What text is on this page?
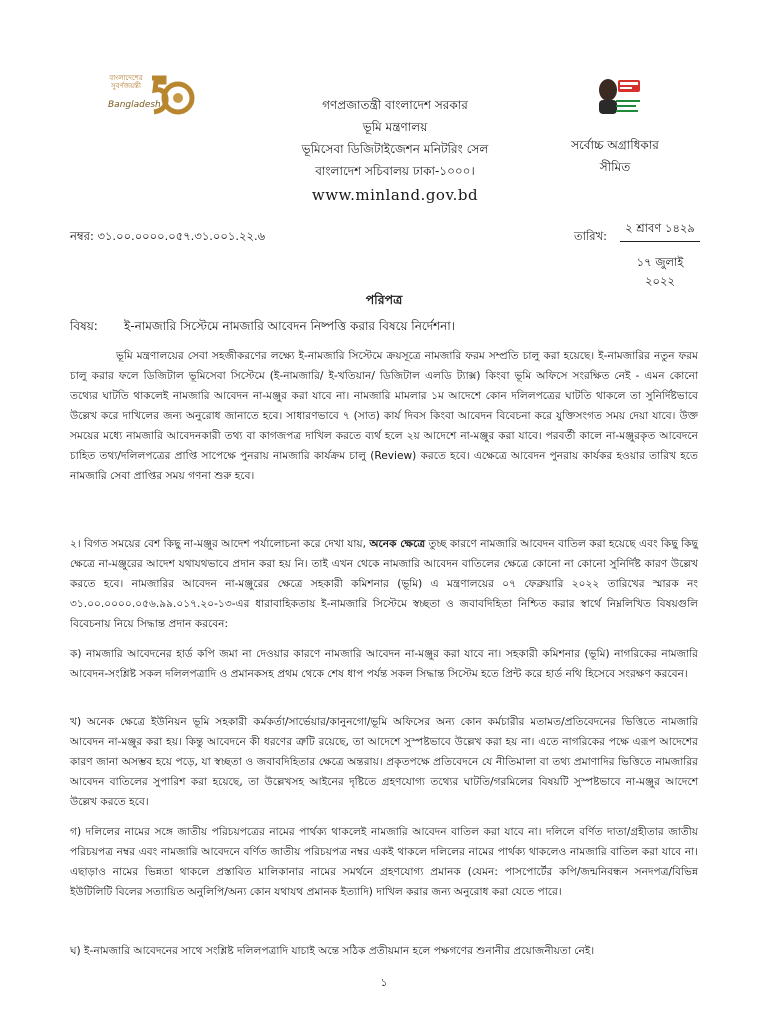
বাংলাদেশের সুবর্ণজয়ন্তী
Bangladesh	গণপ্রজাতন্ত্রী বাংলাদেশ সরকার
ভূমি মন্ত্রণালয়
ভূমিসেবা ডিজিটাইজেশন মনিটরিং সেল
বাংলাদেশ সচিবালয় ঢাকা-১০০০।
www.minland.gov.bd
সর্বোচ্চ অগ্রাধিকার
সীমিত
নম্বর: ৩১.০০.০০০০.০৫৭.৩১.০০১.২২.৬	তারিখ:
২ শ্রাবণ ১৪২৯
১৭ জুলাই ২০২২
পরিপত্র
বিষয়: ই-নামজারি সিস্টেমে নামজারি আবেদন নিষ্পত্তি করার বিষয়ে নির্দেশনা।

ভূমি মন্ত্রণালয়ের সেবা সহজীকরণের লক্ষ্যে ই-নামজারি সিস্টেমে ক্রয়সূত্রে নামজারি ফরম সম্প্রতি চালু করা হয়েছে। ই-নামজারির নতুন ফরম চালু করার ফলে ডিজিটাল ভূমিসেবা সিস্টেমে (ই-নামজারি/ ই-খতিয়ান/ ডিজিটাল এলডি ট্যাক্স) কিংবা ভূমি অফিসে সংরক্ষিত নেই - এমন কোনো তথ্যের ঘাটতি থাকলেই নামজারি আবেদন না-মঞ্জুর করা যাবে না। নামজারি মামলার ১ম আদেশে কোন দলিলপত্রের ঘাটতি থাকলে তা সুনির্দিষ্টভাবে উল্লেখ করে দাখিলের জন্য অনুরোধ জানাতে হবে। সাধারণভাবে ৭ (সাত) কার্য দিবস কিংবা আবেদন বিবেচনা করে যুক্তিসংগত সময় দেয়া যাবে। উক্ত সময়ের মধ্যে নামজারি আবেদনকারী তথ্য বা কাগজপত্র দাখিল করতে ব্যর্থ হলে ২য় আদেশে না-মঞ্জুর করা যাবে। পরবর্তী কালে না-মঞ্জুরকৃত আবেদনে চাহিত তথ্য/দলিলপত্রের প্রাপ্তি সাপেক্ষে পুনরায় নামজারি কার্যক্রম চালু (Review) করতে হবে। এক্ষেত্রে আবেদন পুনরায় কার্যকর হওয়ার তারিখ হতে নামজারি সেবা প্রাপ্তির সময় গণনা শুরু হবে।

২। বিগত সময়ের বেশ কিছু না-মঞ্জুর আদেশ পর্যালোচনা করে দেখা যায়, অনেক ক্ষেত্রে তুচ্ছ কারণে নামজারি আবেদন বাতিল করা হয়েছে এবং কিছু কিছু ক্ষেত্রে না-মঞ্জুরের আদেশ যথাযথভাবে প্রদান করা হয় নি। তাই এখন থেকে নামজারি আবেদন বাতিলের ক্ষেত্রে কোনো না কোনো সুনির্দিষ্ট কারণ উল্লেখ করতে হবে। নামজারির আবেদন না-মঞ্জুরের ক্ষেত্রে সহকারী কমিশনার (ভূমি) এ মন্ত্রণালয়ের ০৭ ফেব্রুয়ারি ২০২২ তারিখের স্মারক নং ৩১.০০.০০০০.০৫৬.৯৯.০১৭.২০-১৩-এর ধারাবাহিকতায় ই-নামজারি সিস্টেমে স্বচ্ছতা ও জবাবদিহিতা নিশ্চিত করার স্বার্থে নিম্নলিখিত বিষয়গুলি বিবেচনায় নিয়ে সিদ্ধান্ত প্রদান করবেন:

ক) নামজারি আবেদনের হার্ড কপি জমা না দেওয়ার কারণে নামজারি আবেদন না-মঞ্জুর করা যাবে না। সহকারী কমিশনার (ভূমি) নাগরিকের নামজারি আবেদন-সংশ্লিষ্ট সকল দলিলপত্রাদি ও প্রমানকসহ প্রথম থেকে শেষ ধাপ পর্যন্ত সকল সিদ্ধান্ত সিস্টেম হতে প্রিন্ট করে হার্ড নথি হিসেবে সংরক্ষণ করবেন।

খ) অনেক ক্ষেত্রে ইউনিয়ন ভূমি সহকারী কর্মকর্তা/সার্ভেয়ার/কানুনগো/ভূমি অফিসের অন্য কোন কর্মচারীর মতামত/প্রতিবেদনের ভিত্তিতে নামজারি আবেদন না-মঞ্জুর করা হয়। কিন্তু আবেদনে কী ধরণের ত্রুটি রয়েছে, তা আদেশে সুস্পষ্টভাবে উল্লেখ করা হয় না। এতে নাগরিকের পক্ষে এরূপ আদেশের কারণ জানা অসম্ভব হয়ে পড়ে, যা স্বচ্ছতা ও জবাবদিহিতার ক্ষেত্রে অন্তরায়। প্রকৃতপক্ষে প্রতিবেদনে যে নীতিমালা বা তথ্য প্রমাণাদির ভিত্তিতে নামজারির আবেদন বাতিলের সুপারিশ করা হয়েছে, তা উল্লেখসহ আইনের দৃষ্টিতে গ্রহণযোগ্য তথ্যের ঘাটতি/গরমিলের বিষয়টি সুস্পষ্টভাবে না-মঞ্জুর আদেশে উল্লেখ করতে হবে।

গ) দলিলের নামের সঙ্গে জাতীয় পরিচয়পত্রের নামের পার্থক্য থাকলেই নামজারি আবেদন বাতিল করা যাবে না। দলিলে বর্ণিত দাতা/গ্রহীতার জাতীয় পরিচয়পত্র নম্বর এবং নামজারি আবেদনে বর্ণিত জাতীয় পরিচয়পত্র নম্বর একই থাকলে দলিলের নামের পার্থক্য থাকলেও নামজারি বাতিল করা যাবে না। এছাড়াও নামের ভিন্নতা থাকলে প্রস্তাবিত মালিকানার নামের সমর্থনে গ্রহণযোগ্য প্রমানক (যেমন: পাসপোর্টের কপি/জন্মনিবন্ধন সনদপত্র/বিভিন্ন ইউটিলিটি বিলের সত্যায়িত অনুলিপি/অন্য কোন যথাযথ প্রমানক ইত্যাদি) দাখিল করার জন্য অনুরোধ করা যেতে পারে।

ঘ) ই-নামজারি আবেদনের সাথে সংশ্লিষ্ট দলিলপত্রাদি যাচাই অন্তে সঠিক প্রতীয়মান হলে পক্ষগণের শুনানীর প্রয়োজনীয়তা নেই।

১
